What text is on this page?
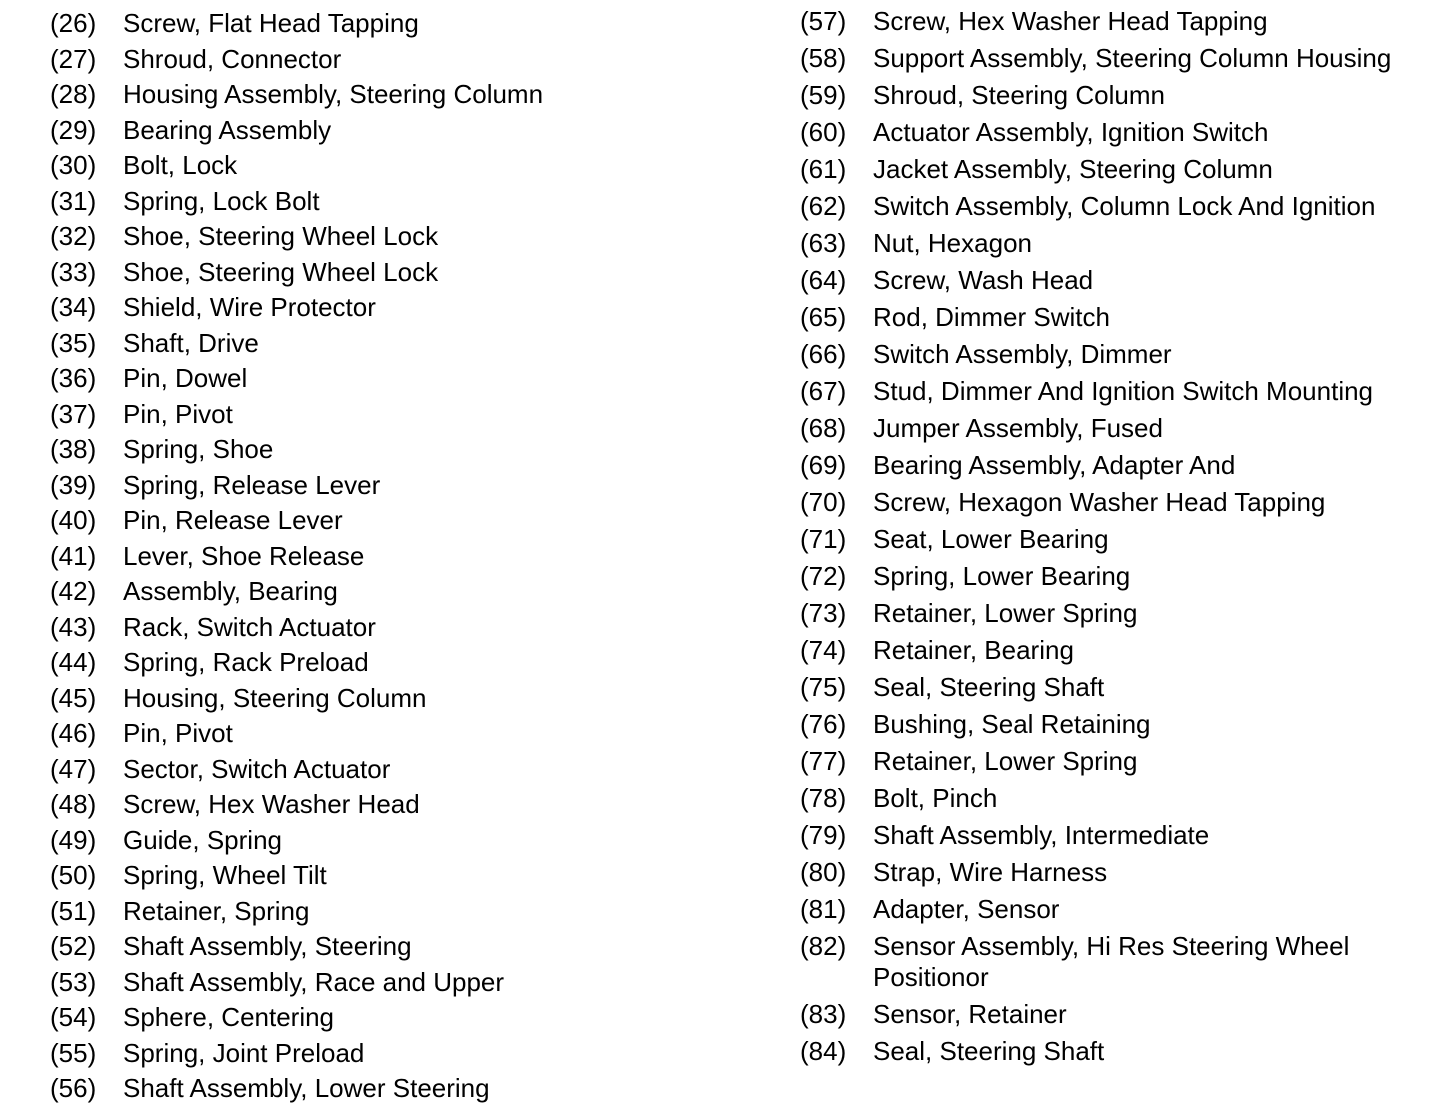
(26)	Screw, Flat Head Tapping
(27)	Shroud, Connector
(28)	Housing Assembly, Steering Column
(29)	Bearing Assembly
(30)	Bolt, Lock
(31)	Spring, Lock Bolt
(32)	Shoe, Steering Wheel Lock
(33)	Shoe, Steering Wheel Lock
(34)	Shield, Wire Protector
(35)	Shaft, Drive
(36)	Pin, Dowel
(37)	Pin, Pivot
(38)	Spring, Shoe
(39)	Spring, Release Lever
(40)	Pin, Release Lever
(41)	Lever, Shoe Release
(42)	Assembly, Bearing
(43)	Rack, Switch Actuator
(44)	Spring, Rack Preload
(45)	Housing, Steering Column
(46)	Pin, Pivot
(47)	Sector, Switch Actuator
(48)	Screw, Hex Washer Head
(49)	Guide, Spring
(50)	Spring, Wheel Tilt
(51)	Retainer, Spring
(52)	Shaft Assembly, Steering
(53)	Shaft Assembly, Race and Upper
(54)	Sphere, Centering
(55)	Spring, Joint Preload
(56)	Shaft Assembly, Lower Steering
(57)	Screw, Hex Washer Head Tapping
(58)	Support Assembly, Steering Column Housing
(59)	Shroud, Steering Column
(60)	Actuator Assembly, Ignition Switch
(61)	Jacket Assembly, Steering Column
(62)	Switch Assembly, Column Lock And Ignition
(63)	Nut, Hexagon
(64)	Screw, Wash Head
(65)	Rod, Dimmer Switch
(66)	Switch Assembly, Dimmer
(67)	Stud, Dimmer And Ignition Switch Mounting
(68)	Jumper Assembly, Fused
(69)	Bearing Assembly, Adapter And
(70)	Screw, Hexagon Washer Head Tapping
(71)	Seat, Lower Bearing
(72)	Spring, Lower Bearing
(73)	Retainer, Lower Spring
(74)	Retainer, Bearing
(75)	Seal, Steering Shaft
(76)	Bushing, Seal Retaining
(77)	Retainer, Lower Spring
(78)	Bolt, Pinch
(79)	Shaft Assembly, Intermediate
(80)	Strap, Wire Harness
(81)	Adapter, Sensor
(82)	Sensor Assembly, Hi Res Steering Wheel Positionor
(83)	Sensor, Retainer
(84)	Seal, Steering Shaft
